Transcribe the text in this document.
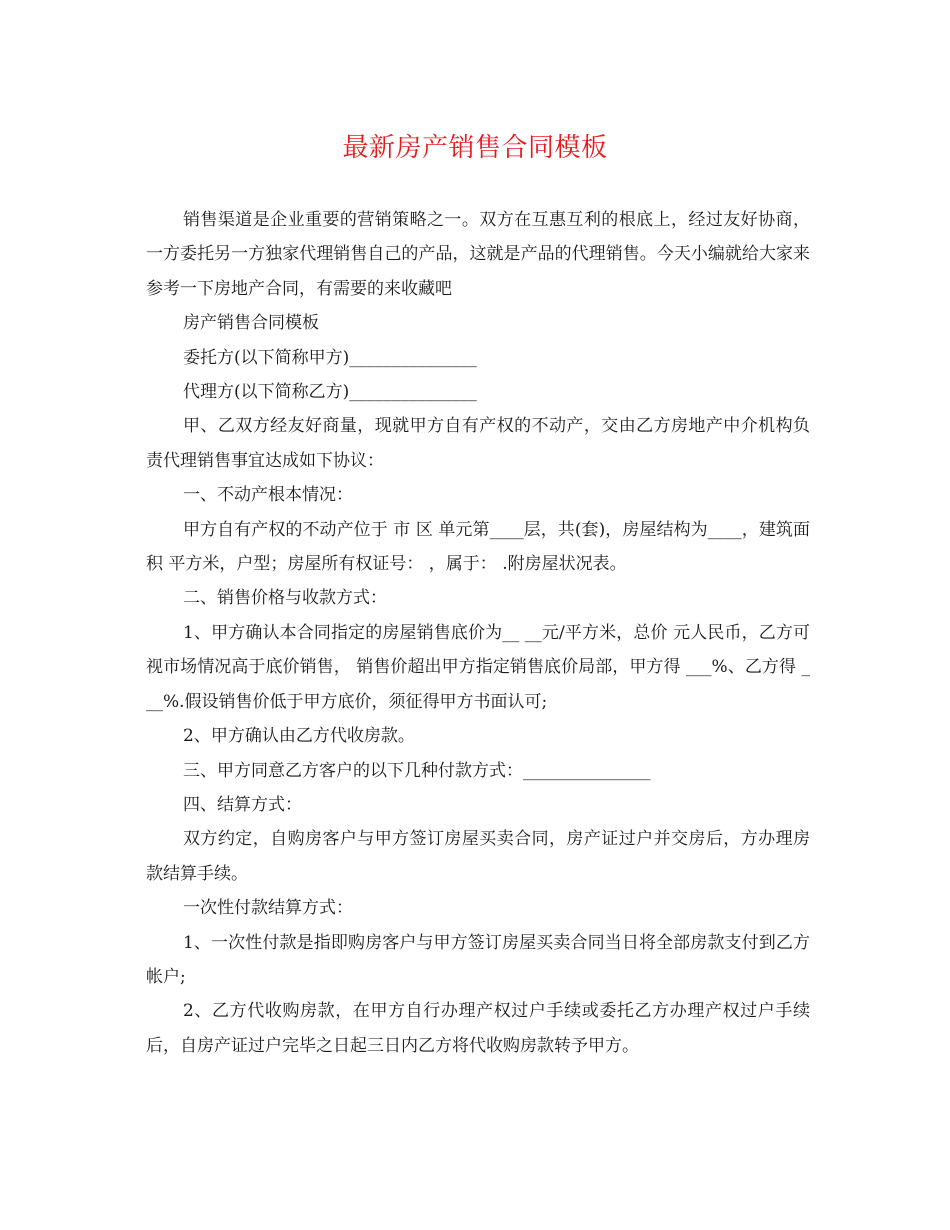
最新房产销售合同模板

销售渠道是企业重要的营销策略之一。双方在互惠互利的根底上，经过友好协商，一方委托另一方独家代理销售自己的产品，这就是产品的代理销售。今天小编就给大家来参考一下房地产合同，有需要的来收藏吧

房产销售合同模板

委托方(以下简称甲方)_______________

代理方(以下简称乙方)_______________

甲、乙双方经友好商量，现就甲方自有产权的不动产，交由乙方房地产中介机构负责代理销售事宜达成如下协议：

一、不动产根本情况：

甲方自有产权的不动产位于 市 区 单元第____层，共(套)，房屋结构为____，建筑面积 平方米，户型；房屋所有权证号： ，属于： .附房屋状况表。

二、销售价格与收款方式：

1、甲方确认本合同指定的房屋销售底价为__ __元/平方米，总价 元人民币，乙方可视市场情况高于底价销售， 销售价超出甲方指定销售底价局部，甲方得 ___%、乙方得 ___%.假设销售价低于甲方底价，须征得甲方书面认可;

2、甲方确认由乙方代收房款。

三、甲方同意乙方客户的以下几种付款方式：_______________

四、结算方式：

双方约定，自购房客户与甲方签订房屋买卖合同，房产证过户并交房后，方办理房款结算手续。

一次性付款结算方式：

1、一次性付款是指即购房客户与甲方签订房屋买卖合同当日将全部房款支付到乙方帐户;

2、乙方代收购房款，在甲方自行办理产权过户手续或委托乙方办理产权过户手续后，自房产证过户完毕之日起三日内乙方将代收购房款转予甲方。
